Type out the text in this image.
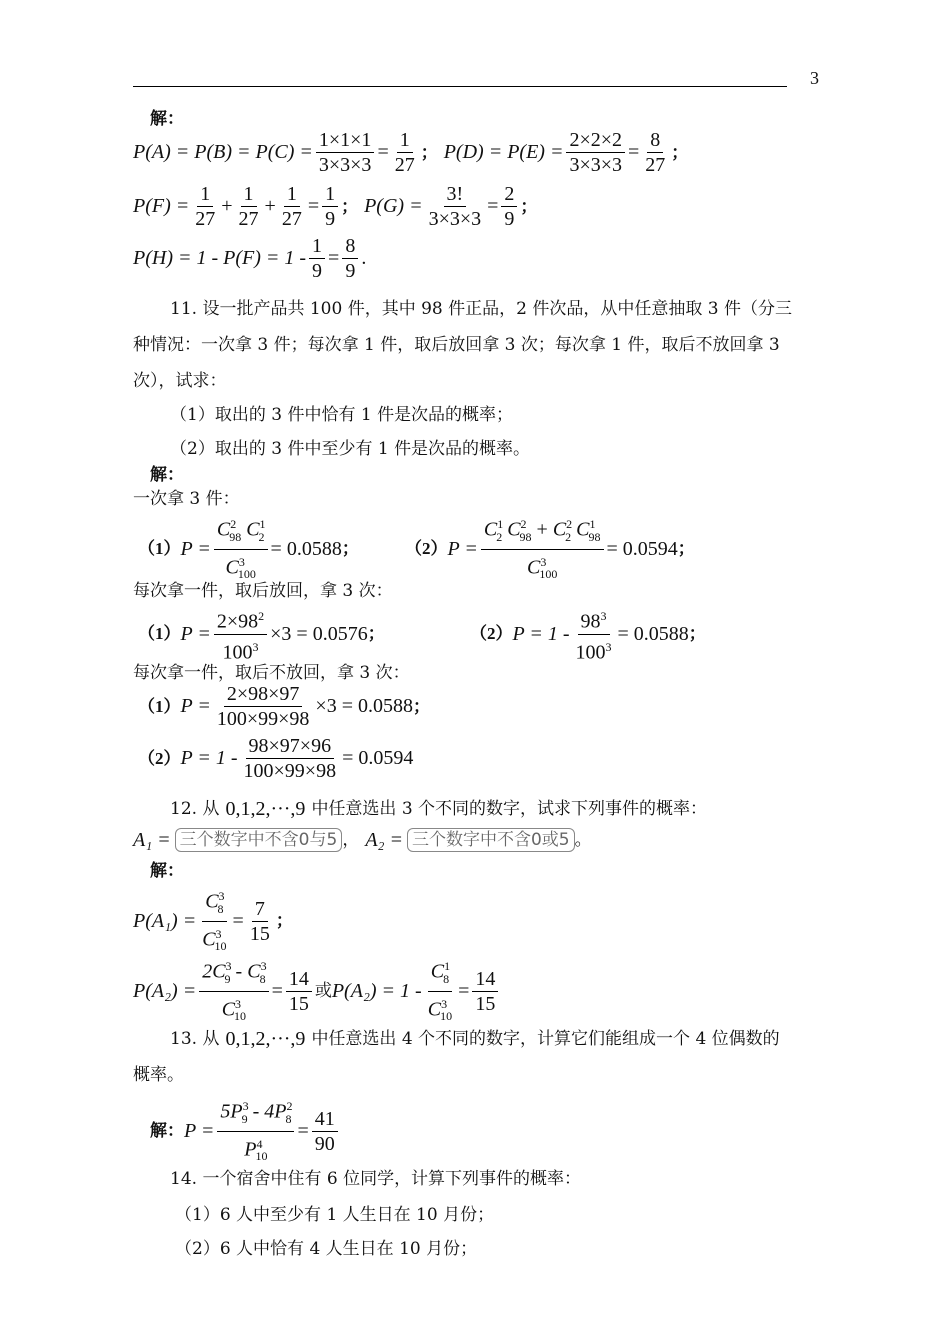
3
解：
$P(A) = P(B) = P(C) = \frac{1\times 1\times 1}{3\times 3\times 3} = \frac{1}{27}$ ； $P(D) = P(E) = \frac{2\times 2\times 2}{3\times 3\times 3} = \frac{8}{27}$ ；
$P(F) = \frac{1}{27} + \frac{1}{27} + \frac{1}{27} = \frac{1}{9}$ ； $P(G) = \frac{3!}{3\times 3\times 3} = \frac{2}{9}$ ；
$P(H) = 1 - P(F) = 1 - \frac{1}{9} = \frac{8}{9}$ .
11. 设一批产品共 100 件，其中 98 件正品，2 件次品，从中任意抽取 3 件（分三
种情况：一次拿 3 件；每次拿 1 件，取后放回拿 3 次；每次拿 1 件，取后不放回拿 3
次），试求：
（1）取出的 3 件中恰有 1 件是次品的概率；
（2）取出的 3 件中至少有 1 件是次品的概率。
解：
一次拿 3 件：
（1） $P = \frac{C^2_{98} C^1_2}{C^3_{100}} = 0.0588$ ；	（2） $P = \frac{C^1_2 C^2_{98} + C^2_2 C^1_{98}}{C^3_{100}} = 0.0594$ ；
每次拿一件，取后放回，拿 3 次：
（1） $P = \frac{2\times 98^2}{100^3} \times 3 = 0.0576$ ；	（2） $P = 1 - \frac{98^3}{100^3} = 0.0588$ ；
每次拿一件，取后不放回，拿 3 次：
（1） $P = \frac{2\times 98\times 97}{100\times 99\times 98} \times 3 = 0.0588$ ；
（2） $P = 1 - \frac{98\times 97\times 96}{100\times 99\times 98} = 0.0594$
12. 从 0,1,2,···,9 中任意选出 3 个不同的数字，试求下列事件的概率：
A₁ = 三个数字中不含0与5 ， A₂ = 三个数字中不含0或5 。
解：
$P(A_1) = \frac{C^3_8}{C^3_{10}} = \frac{7}{15}$ ；
$P(A_2) = \frac{2C^3_9 - C^3_8}{C^3_{10}} = \frac{14}{15}$ 或 $P(A_2) = 1 - \frac{C^1_8}{C^3_{10}} = \frac{14}{15}$
13. 从 0,1,2,···,9 中任意选出 4 个不同的数字，计算它们能组成一个 4 位偶数的
概率。
解： $P = \frac{5P^3_9 - 4P^2_8}{P^4_{10}} = \frac{41}{90}$
14. 一个宿舍中住有 6 位同学，计算下列事件的概率：
（1）6 人中至少有 1 人生日在 10 月份；
（2）6 人中恰有 4 人生日在 10 月份；
